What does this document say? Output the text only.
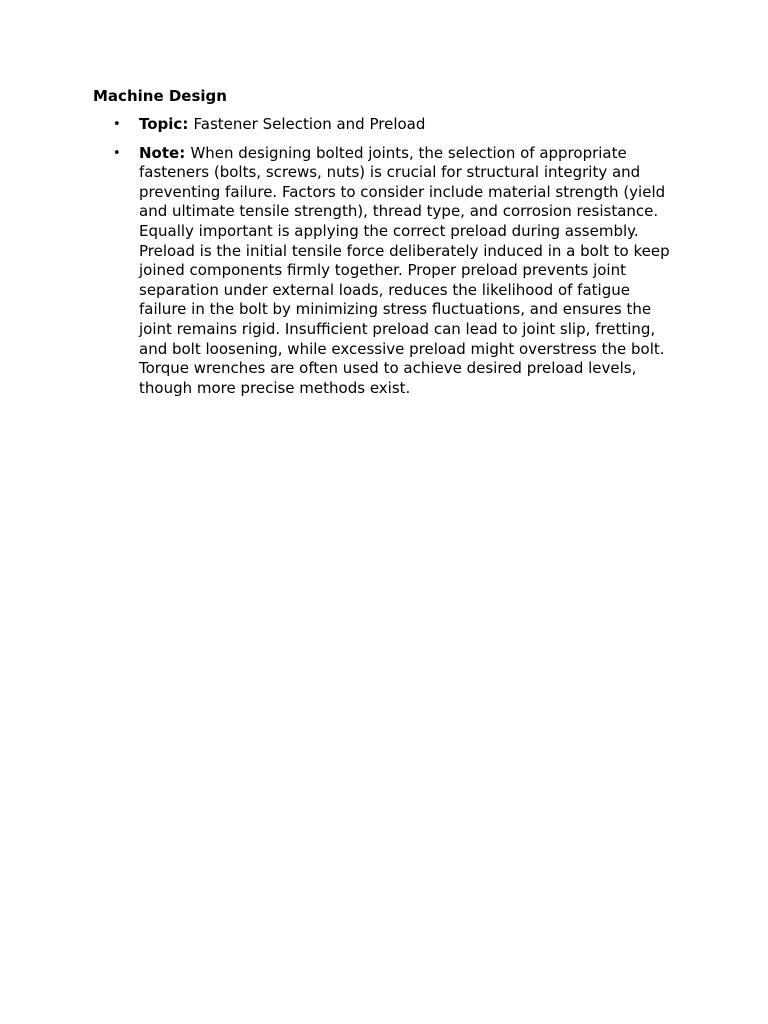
Machine Design
• Topic: Fastener Selection and Preload
• Note: When designing bolted joints, the selection of appropriate fasteners (bolts, screws, nuts) is crucial for structural integrity and preventing failure. Factors to consider include material strength (yield and ultimate tensile strength), thread type, and corrosion resistance. Equally important is applying the correct preload during assembly. Preload is the initial tensile force deliberately induced in a bolt to keep joined components firmly together. Proper preload prevents joint separation under external loads, reduces the likelihood of fatigue failure in the bolt by minimizing stress fluctuations, and ensures the joint remains rigid. Insufficient preload can lead to joint slip, fretting, and bolt loosening, while excessive preload might overstress the bolt. Torque wrenches are often used to achieve desired preload levels, though more precise methods exist.
